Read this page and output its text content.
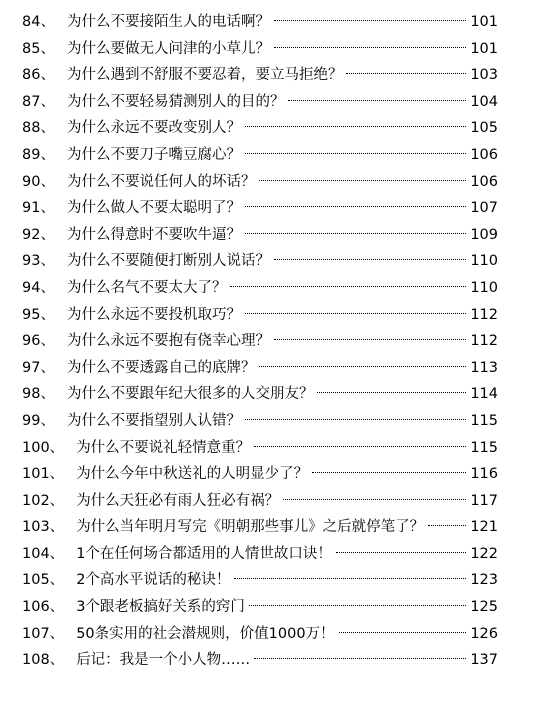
84、 为什么不要接陌生人的电话啊？	101
85、 为什么要做无人问津的小草儿？	101
86、 为什么遇到不舒服不要忍着，要立马拒绝？	103
87、 为什么不要轻易猜测别人的目的？	104
88、 为什么永远不要改变别人？	105
89、 为什么不要刀子嘴豆腐心？	106
90、 为什么不要说任何人的坏话？	106
91、 为什么做人不要太聪明了？	107
92、 为什么得意时不要吹牛逼？	109
93、 为什么不要随便打断别人说话？	110
94、 为什么名气不要太大了？	110
95、 为什么永远不要投机取巧？	112
96、 为什么永远不要抱有侥幸心理？	112
97、 为什么不要透露自己的底牌？	113
98、 为什么不要跟年纪大很多的人交朋友？	114
99、 为什么不要指望别人认错？	115
100、 为什么不要说礼轻情意重？	115
101、 为什么今年中秋送礼的人明显少了？	116
102、 为什么天狂必有雨人狂必有祸？	117
103、 为什么当年明月写完《明朝那些事儿》之后就停笔了？	121
104、 1个在任何场合都适用的人情世故口诀！	122
105、 2个高水平说话的秘诀！	123
106、 3个跟老板搞好关系的窍门	125
107、 50条实用的社会潜规则，价值1000万！	126
108、 后记：我是一个小人物……	137
